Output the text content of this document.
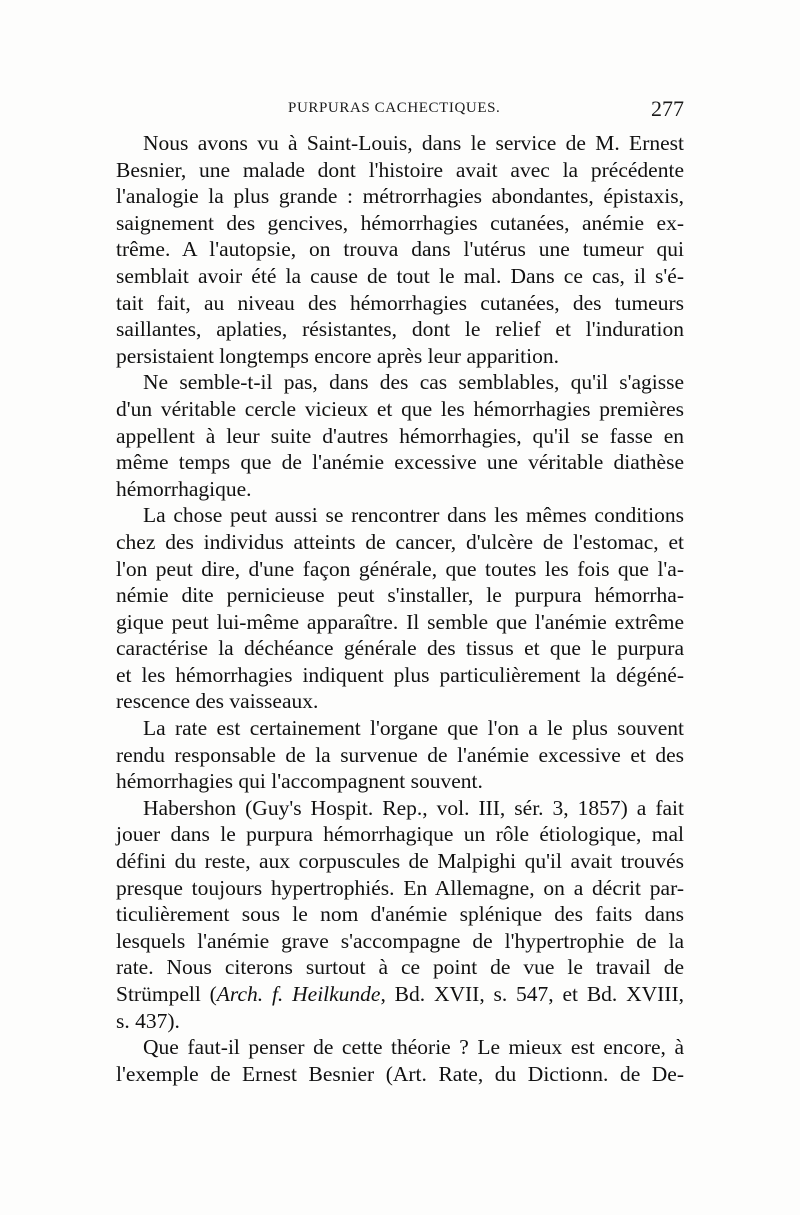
PURPURAS CACHECTIQUES.	277

Nous avons vu à Saint-Louis, dans le service de M. Ernest
Besnier, une malade dont l'histoire avait avec la précédente
l'analogie la plus grande : métrorrhagies abondantes, épistaxis,
saignement des gencives, hémorrhagies cutanées, anémie ex-
trême. A l'autopsie, on trouva dans l'utérus une tumeur qui
semblait avoir été la cause de tout le mal. Dans ce cas, il s'é-
tait fait, au niveau des hémorrhagies cutanées, des tumeurs
saillantes, aplaties, résistantes, dont le relief et l'induration
persistaient longtemps encore après leur apparition.

Ne semble-t-il pas, dans des cas semblables, qu'il s'agisse
d'un véritable cercle vicieux et que les hémorrhagies premières
appellent à leur suite d'autres hémorrhagies, qu'il se fasse en
même temps que de l'anémie excessive une véritable diathèse
hémorrhagique.

La chose peut aussi se rencontrer dans les mêmes conditions
chez des individus atteints de cancer, d'ulcère de l'estomac, et
l'on peut dire, d'une façon générale, que toutes les fois que l'a-
némie dite pernicieuse peut s'installer, le purpura hémorrha-
gique peut lui-même apparaître. Il semble que l'anémie extrême
caractérise la déchéance générale des tissus et que le purpura
et les hémorrhagies indiquent plus particulièrement la dégéné-
rescence des vaisseaux.

La rate est certainement l'organe que l'on a le plus souvent
rendu responsable de la survenue de l'anémie excessive et des
hémorrhagies qui l'accompagnent souvent.

Habershon (Guy's Hospit. Rep., vol. III, sér. 3, 1857) a fait
jouer dans le purpura hémorrhagique un rôle étiologique, mal
défini du reste, aux corpuscules de Malpighi qu'il avait trouvés
presque toujours hypertrophiés. En Allemagne, on a décrit par-
ticulièrement sous le nom d'anémie splénique des faits dans
lesquels l'anémie grave s'accompagne de l'hypertrophie de la
rate. Nous citerons surtout à ce point de vue le travail de
Strümpell (Arch. f. Heilkunde, Bd. XVII, s. 547, et Bd. XVIII,
s. 437).

Que faut-il penser de cette théorie ? Le mieux est encore, à
l'exemple de Ernest Besnier (Art. Rate, du Dictionn. de De-
